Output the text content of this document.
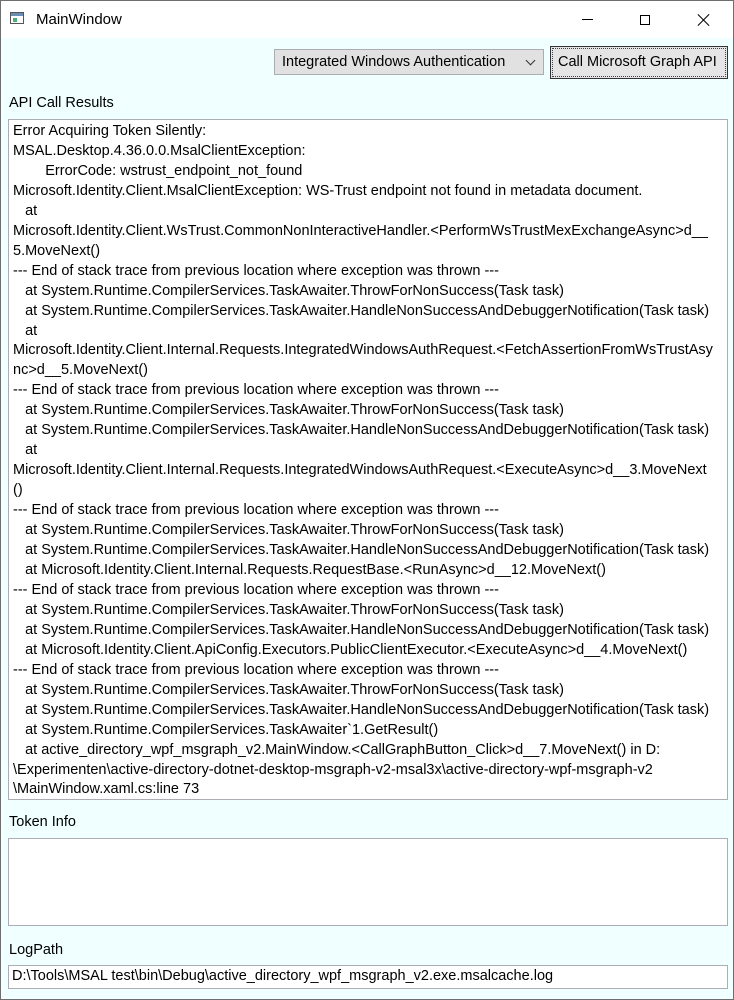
MainWindow
Integrated Windows Authentication	Call Microsoft Graph API
API Call Results
Error Acquiring Token Silently:
MSAL.Desktop.4.36.0.0.MsalClientException:
		ErrorCode: wstrust_endpoint_not_found
Microsoft.Identity.Client.MsalClientException: WS-Trust endpoint not found in metadata document.
at
Microsoft.Identity.Client.WsTrust.CommonNonInteractiveHandler.<PerformWsTrustMexExchangeAsync>d__
5.MoveNext()
--- End of stack trace from previous location where exception was thrown ---
at System.Runtime.CompilerServices.TaskAwaiter.ThrowForNonSuccess(Task task)
at System.Runtime.CompilerServices.TaskAwaiter.HandleNonSuccessAndDebuggerNotification(Task task)
at
Microsoft.Identity.Client.Internal.Requests.IntegratedWindowsAuthRequest.<FetchAssertionFromWsTrustAsy
nc>d__5.MoveNext()
--- End of stack trace from previous location where exception was thrown ---
at System.Runtime.CompilerServices.TaskAwaiter.ThrowForNonSuccess(Task task)
at System.Runtime.CompilerServices.TaskAwaiter.HandleNonSuccessAndDebuggerNotification(Task task)
at
Microsoft.Identity.Client.Internal.Requests.IntegratedWindowsAuthRequest.<ExecuteAsync>d__3.MoveNext
()
--- End of stack trace from previous location where exception was thrown ---
at System.Runtime.CompilerServices.TaskAwaiter.ThrowForNonSuccess(Task task)
at System.Runtime.CompilerServices.TaskAwaiter.HandleNonSuccessAndDebuggerNotification(Task task)
at Microsoft.Identity.Client.Internal.Requests.RequestBase.<RunAsync>d__12.MoveNext()
--- End of stack trace from previous location where exception was thrown ---
at System.Runtime.CompilerServices.TaskAwaiter.ThrowForNonSuccess(Task task)
at System.Runtime.CompilerServices.TaskAwaiter.HandleNonSuccessAndDebuggerNotification(Task task)
at Microsoft.Identity.Client.ApiConfig.Executors.PublicClientExecutor.<ExecuteAsync>d__4.MoveNext()
--- End of stack trace from previous location where exception was thrown ---
at System.Runtime.CompilerServices.TaskAwaiter.ThrowForNonSuccess(Task task)
at System.Runtime.CompilerServices.TaskAwaiter.HandleNonSuccessAndDebuggerNotification(Task task)
at System.Runtime.CompilerServices.TaskAwaiter`1.GetResult()
at active_directory_wpf_msgraph_v2.MainWindow.<CallGraphButton_Click>d__7.MoveNext() in D:
\Experimenten\active-directory-dotnet-desktop-msgraph-v2-msal3x\active-directory-wpf-msgraph-v2
\MainWindow.xaml.cs:line 73
Token Info
LogPath
D:\Tools\MSAL test\bin\Debug\active_directory_wpf_msgraph_v2.exe.msalcache.log
